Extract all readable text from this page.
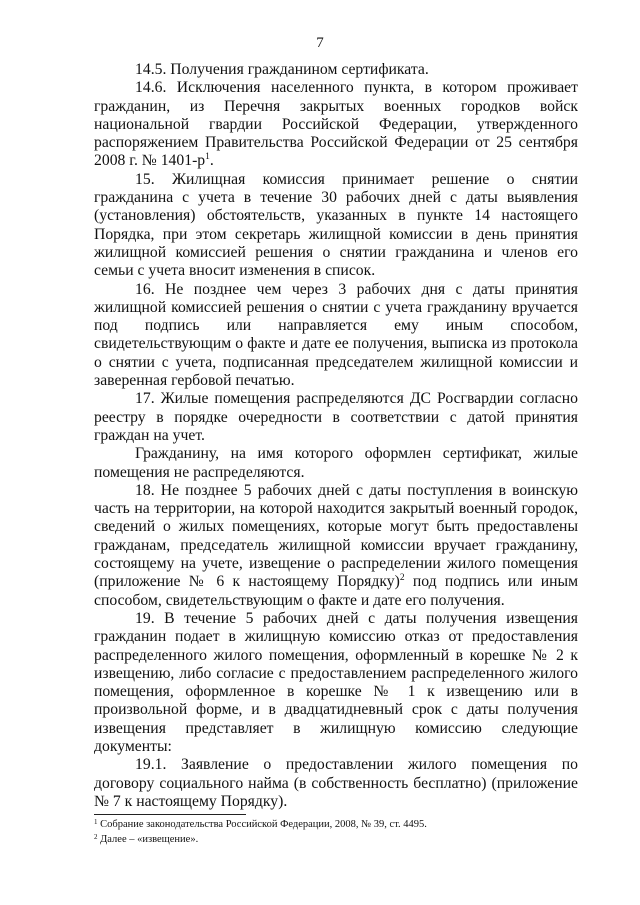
7

14.5. Получения гражданином сертификата.

14.6. Исключения населенного пункта, в котором проживает гражданин, из Перечня закрытых военных городков войск национальной гвардии Российской Федерации, утвержденного распоряжением Правительства Российской Федерации от 25 сентября 2008 г. № 1401-р$^1$.

15. Жилищная комиссия принимает решение о снятии гражданина с учета в течение 30 рабочих дней с даты выявления (установления) обстоятельств, указанных в пункте 14 настоящего Порядка, при этом секретарь жилищной комиссии в день принятия жилищной комиссией решения о снятии гражданина и членов его семьи с учета вносит изменения в список.

16. Не позднее чем через 3 рабочих дня с даты принятия жилищной комиссией решения о снятии с учета гражданину вручается под подпись или направляется ему иным способом, свидетельствующим о факте и дате ее получения, выписка из протокола о снятии с учета, подписанная председателем жилищной комиссии и заверенная гербовой печатью.

17. Жилые помещения распределяются ДС Росгвардии согласно реестру в порядке очередности в соответствии с датой принятия граждан на учет.

Гражданину, на имя которого оформлен сертификат, жилые помещения не распределяются.

18. Не позднее 5 рабочих дней с даты поступления в воинскую часть на территории, на которой находится закрытый военный городок, сведений о жилых помещениях, которые могут быть предоставлены гражданам, председатель жилищной комиссии вручает гражданину, состоящему на учете, извещение о распределении жилого помещения (приложение № 6 к настоящему Порядку)$^2$ под подпись или иным способом, свидетельствующим о факте и дате его получения.

19. В течение 5 рабочих дней с даты получения извещения гражданин подает в жилищную комиссию отказ от предоставления распределенного жилого помещения, оформленный в корешке № 2 к извещению, либо согласие с предоставлением распределенного жилого помещения, оформленное в корешке № 1 к извещению или в произвольной форме, и в двадцатидневный срок с даты получения извещения представляет в жилищную комиссию следующие документы:

19.1. Заявление о предоставлении жилого помещения по договору социального найма (в собственность бесплатно) (приложение № 7 к настоящему Порядку).

$^1$ Собрание законодательства Российской Федерации, 2008, № 39, ст. 4495.

$^2$ Далее – «извещение».
